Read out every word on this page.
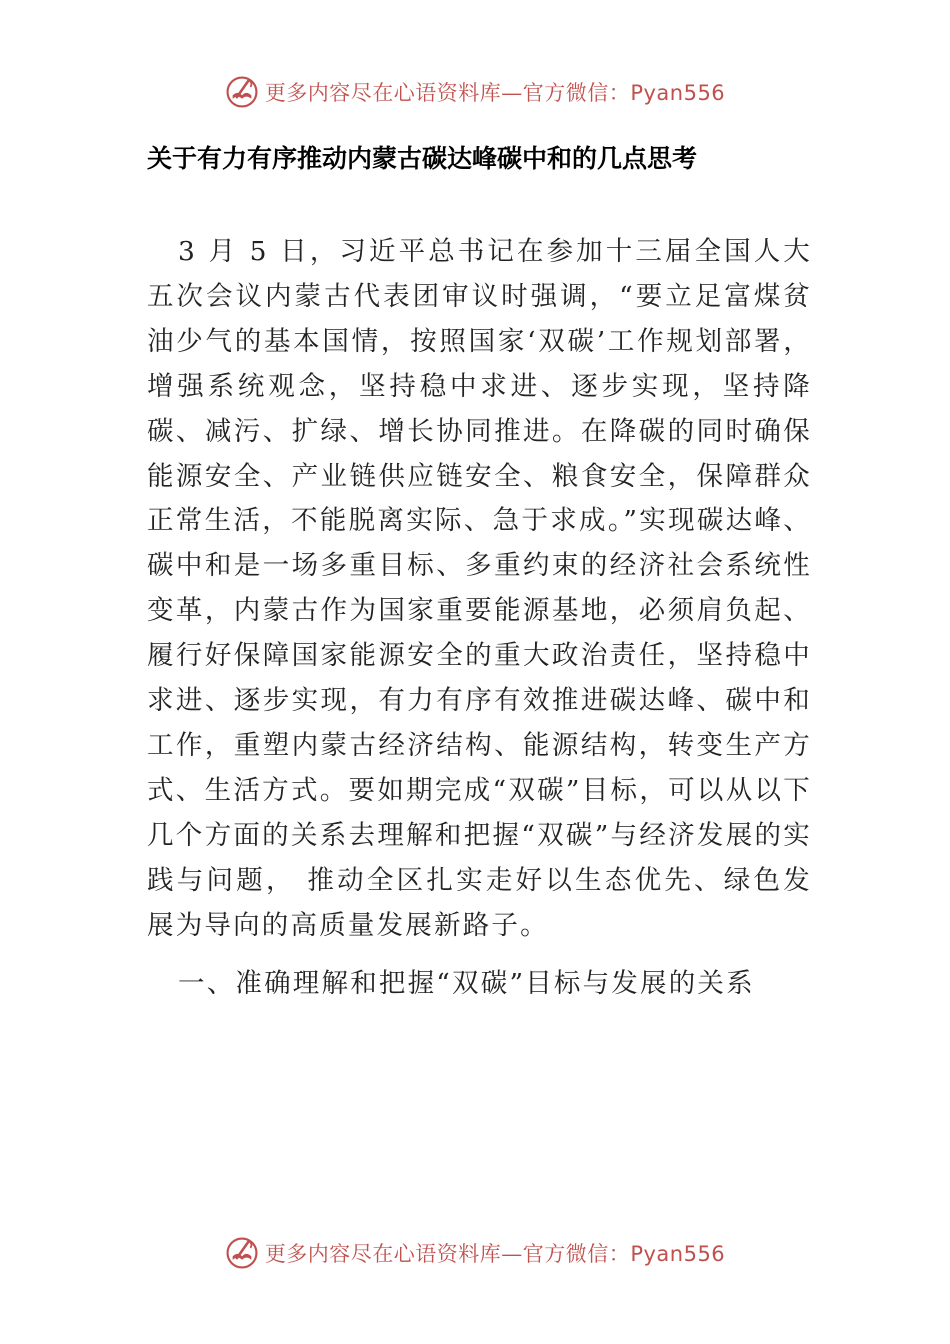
更多内容尽在心语资料库—官方微信：Pyan556
关于有力有序推动内蒙古碳达峰碳中和的几点思考

3 月 5 日，习近平总书记在参加十三届全国人大五次会议内蒙古代表团审议时强调，“要立足富煤贫油少气的基本国情，按照国家‘双碳’工作规划部署，增强系统观念，坚持稳中求进、逐步实现，坚持降碳、减污、扩绿、增长协同推进。在降碳的同时确保能源安全、产业链供应链安全、粮食安全，保障群众正常生活，不能脱离实际、急于求成。”实现碳达峰、碳中和是一场多重目标、多重约束的经济社会系统性变革，内蒙古作为国家重要能源基地，必须肩负起、履行好保障国家能源安全的重大政治责任，坚持稳中求进、逐步实现，有力有序有效推进碳达峰、碳中和工作，重塑内蒙古经济结构、能源结构，转变生产方式、生活方式。要如期完成“双碳”目标，可以从以下几个方面的关系去理解和把握“双碳”与经济发展的实践与问题， 推动全区扎实走好以生态优先、绿色发展为导向的高质量发展新路子。

一、准确理解和把握“双碳”目标与发展的关系
更多内容尽在心语资料库—官方微信：Pyan556
